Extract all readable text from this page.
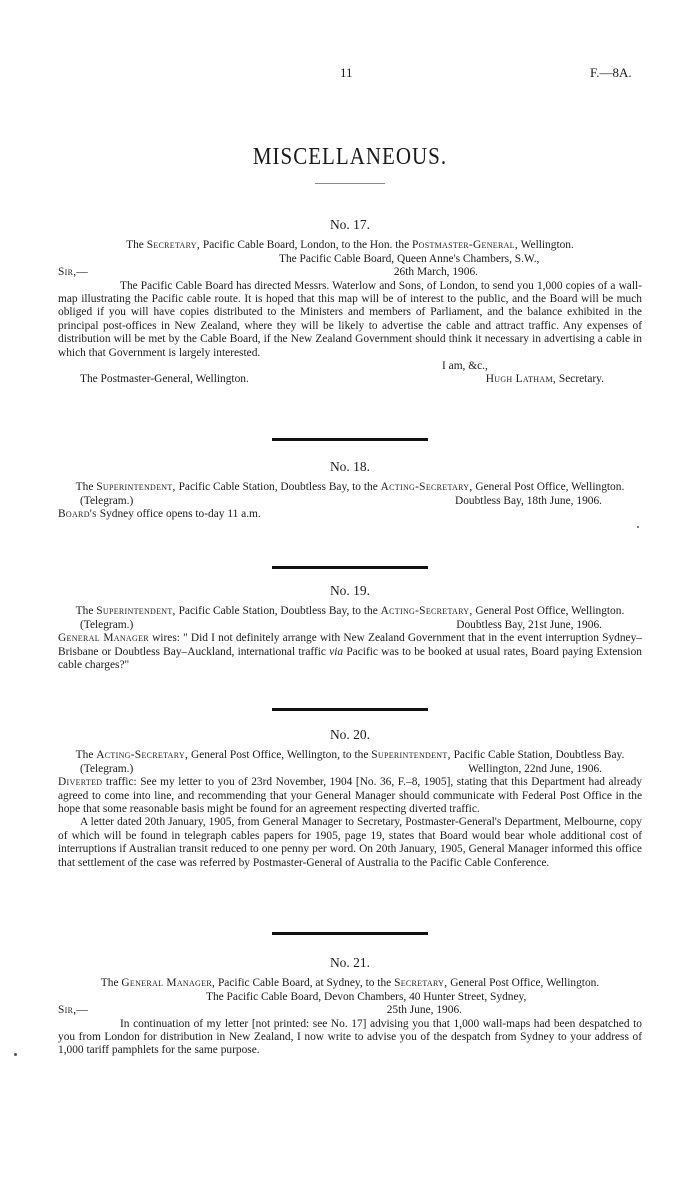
11	F.—8A.
MISCELLANEOUS.
No. 17.

The Secretary, Pacific Cable Board, London, to the Hon. the Postmaster-General, Wellington.

The Pacific Cable Board, Queen Anne's Chambers, S.W.,
Sir,—	26th March, 1906.

The Pacific Cable Board has directed Messrs. Waterlow and Sons, of London, to send you 1,000 copies of a wall-map illustrating the Pacific cable route. It is hoped that this map will be of interest to the public, and the Board will be much obliged if you will have copies distributed to the Ministers and members of Parliament, and the balance exhibited in the principal post-offices in New Zealand, where they will be likely to advertise the cable and attract traffic. Any expenses of distribution will be met by the Cable Board, if the New Zealand Government should think it necessary in advertising a cable in which that Government is largely interested.

I am, &c.,
The Postmaster-General, Wellington.	Hugh Latham, Secretary.
No. 18.

The Superintendent, Pacific Cable Station, Doubtless Bay, to the Acting-Secretary, General Post Office, Wellington.

(Telegram.)	Doubtless Bay, 18th June, 1906.

Board's Sydney office opens to-day 11 a.m.

No. 19.

The Superintendent, Pacific Cable Station, Doubtless Bay, to the Acting-Secretary, General Post Office, Wellington.

(Telegram.)	Doubtless Bay, 21st June, 1906.

General Manager wires: " Did I not definitely arrange with New Zealand Government that in the event interruption Sydney–Brisbane or Doubtless Bay–Auckland, international traffic via Pacific was to be booked at usual rates, Board paying Extension cable charges?"

No. 20.

The Acting-Secretary, General Post Office, Wellington, to the Superintendent, Pacific Cable Station, Doubtless Bay.

(Telegram.)	Wellington, 22nd June, 1906.

Diverted traffic: See my letter to you of 23rd November, 1904 [No. 36, F.–8, 1905], stating that this Department had already agreed to come into line, and recommending that your General Manager should communicate with Federal Post Office in the hope that some reasonable basis might be found for an agreement respecting diverted traffic.

A letter dated 20th January, 1905, from General Manager to Secretary, Postmaster-General's Department, Melbourne, copy of which will be found in telegraph cables papers for 1905, page 19, states that Board would bear whole additional cost of interruptions if Australian transit reduced to one penny per word. On 20th January, 1905, General Manager informed this office that settlement of the case was referred by Postmaster-General of Australia to the Pacific Cable Conference.

No. 21.

The General Manager, Pacific Cable Board, at Sydney, to the Secretary, General Post Office, Wellington.

The Pacific Cable Board, Devon Chambers, 40 Hunter Street, Sydney,
Sir,—	25th June, 1906.

In continuation of my letter [not printed: see No. 17] advising you that 1,000 wall-maps had been despatched to you from London for distribution in New Zealand, I now write to advise you of the despatch from Sydney to your address of 1,000 tariff pamphlets for the same purpose.
